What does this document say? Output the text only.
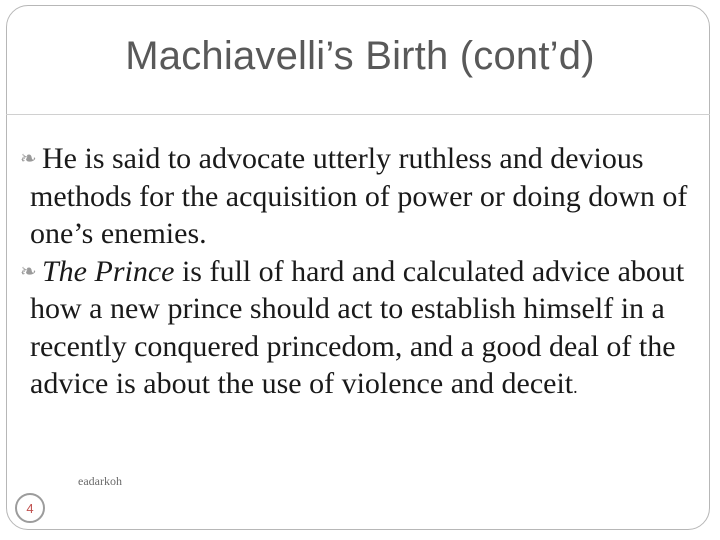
Machiavelli’s Birth (cont’d)

❧ He is said to advocate utterly ruthless and devious methods for the acquisition of power or doing down of one’s enemies.

❧ The Prince is full of hard and calculated advice about how a new prince should act to establish himself in a recently conquered princedom, and a good deal of the advice is about the use of violence and deceit.

4
eadarkoh
